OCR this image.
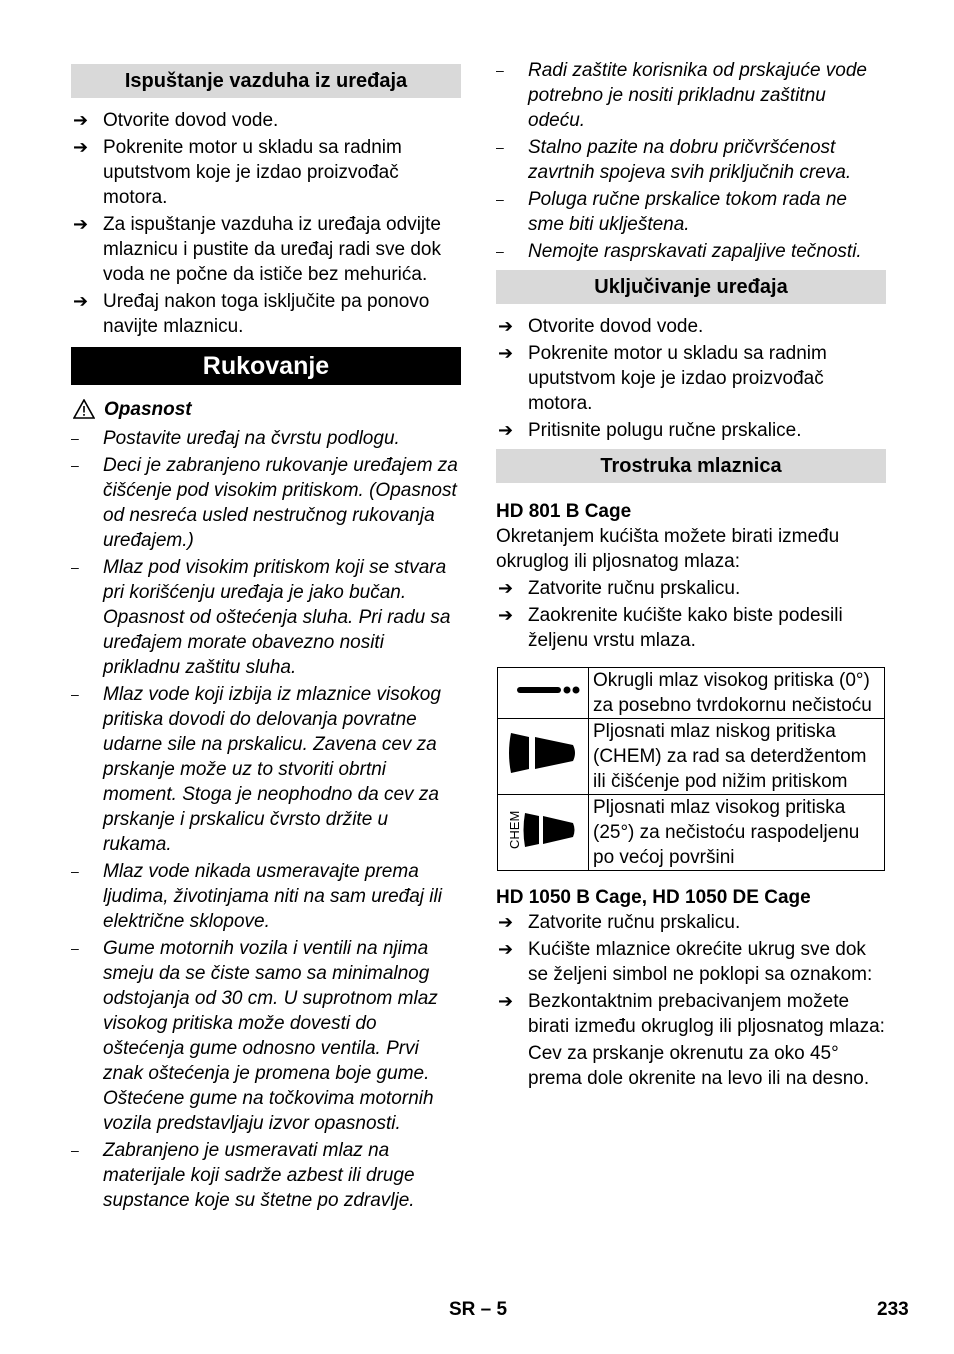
Ispuštanje vazduha iz uređaja
➔ Otvorite dovod vode.
➔ Pokrenite motor u skladu sa radnim uputstvom koje je izdao proizvođač motora.
➔ Za ispuštanje vazduha iz uređaja odvijte mlaznicu i pustite da uređaj radi sve dok voda ne počne da ističe bez mehurića.
➔ Uređaj nakon toga isključite pa ponovo navijte mlaznicu.
Rukovanje
Opasnost
– Postavite uređaj na čvrstu podlogu.
– Deci je zabranjeno rukovanje uređajem za čišćenje pod visokim pritiskom. (Opasnost od nesreća usled nestručnog rukovanja uređajem.)
– Mlaz pod visokim pritiskom koji se stvara pri korišćenju uređaja je jako bučan. Opasnost od oštećenja sluha. Pri radu sa uređajem morate obavezno nositi prikladnu zaštitu sluha.
– Mlaz vode koji izbija iz mlaznice visokog pritiska dovodi do delovanja povratne udarne sile na prskalicu. Zavena cev za prskanje može uz to stvoriti obrtni moment. Stoga je neophodno da cev za prskanje i prskalicu čvrsto držite u rukama.
– Mlaz vode nikada usmeravajte prema ljudima, životinjama niti na sam uređaj ili električne sklopove.
– Gume motornih vozila i ventili na njima smeju da se čiste samo sa minimalnog odstojanja od 30 cm. U suprotnom mlaz visokog pritiska može dovesti do oštećenja gume odnosno ventila. Prvi znak oštećenja je promena boje gume. Oštećene gume na točkovima motornih vozila predstavljaju izvor opasnosti.
– Zabranjeno je usmeravati mlaz na materijale koji sadrže azbest ili druge supstance koje su štetne po zdravlje.
– Radi zaštite korisnika od prskajuće vode potrebno je nositi prikladnu zaštitnu odeću.
– Stalno pazite na dobru pričvršćenost zavrtnih spojeva svih priključnih creva.
– Poluga ručne prskalice tokom rada ne sme biti uklještena.
– Nemojte rasprskavati zapaljive tečnosti.
Uključivanje uređaja
➔ Otvorite dovod vode.
➔ Pokrenite motor u skladu sa radnim uputstvom koje je izdao proizvođač motora.
➔ Pritisnite polugu ručne prskalice.
Trostruka mlaznica
HD 801 B Cage
Okretanjem kućišta možete birati između okruglog ili pljosnatog mlaza:
➔ Zatvorite ručnu prskalicu.
➔ Zaokrenite kućište kako biste podesili željenu vrstu mlaza.
	Okrugli mlaz visokog pritiska (0°) za posebno tvrdokornu nečistoću
	Pljosnati mlaz niskog pritiska (CHEM) za rad sa deterdžentom ili čišćenje pod nižim pritiskom

CHEM	Pljosnati mlaz visokog pritiska (25°) za nečistoću raspodeljenu po većoj površini
HD 1050 B Cage, HD 1050 DE Cage
➔ Zatvorite ručnu prskalicu.
➔ Kućište mlaznice okrećite ukrug sve dok se željeni simbol ne poklopi sa oznakom:
➔ Bezkontaktnim prebacivanjem možete birati između okruglog ili pljosnatog mlaza:
Cev za prskanje okrenutu za oko 45° prema dole okrenite na levo ili na desno.
SR – 5	233
